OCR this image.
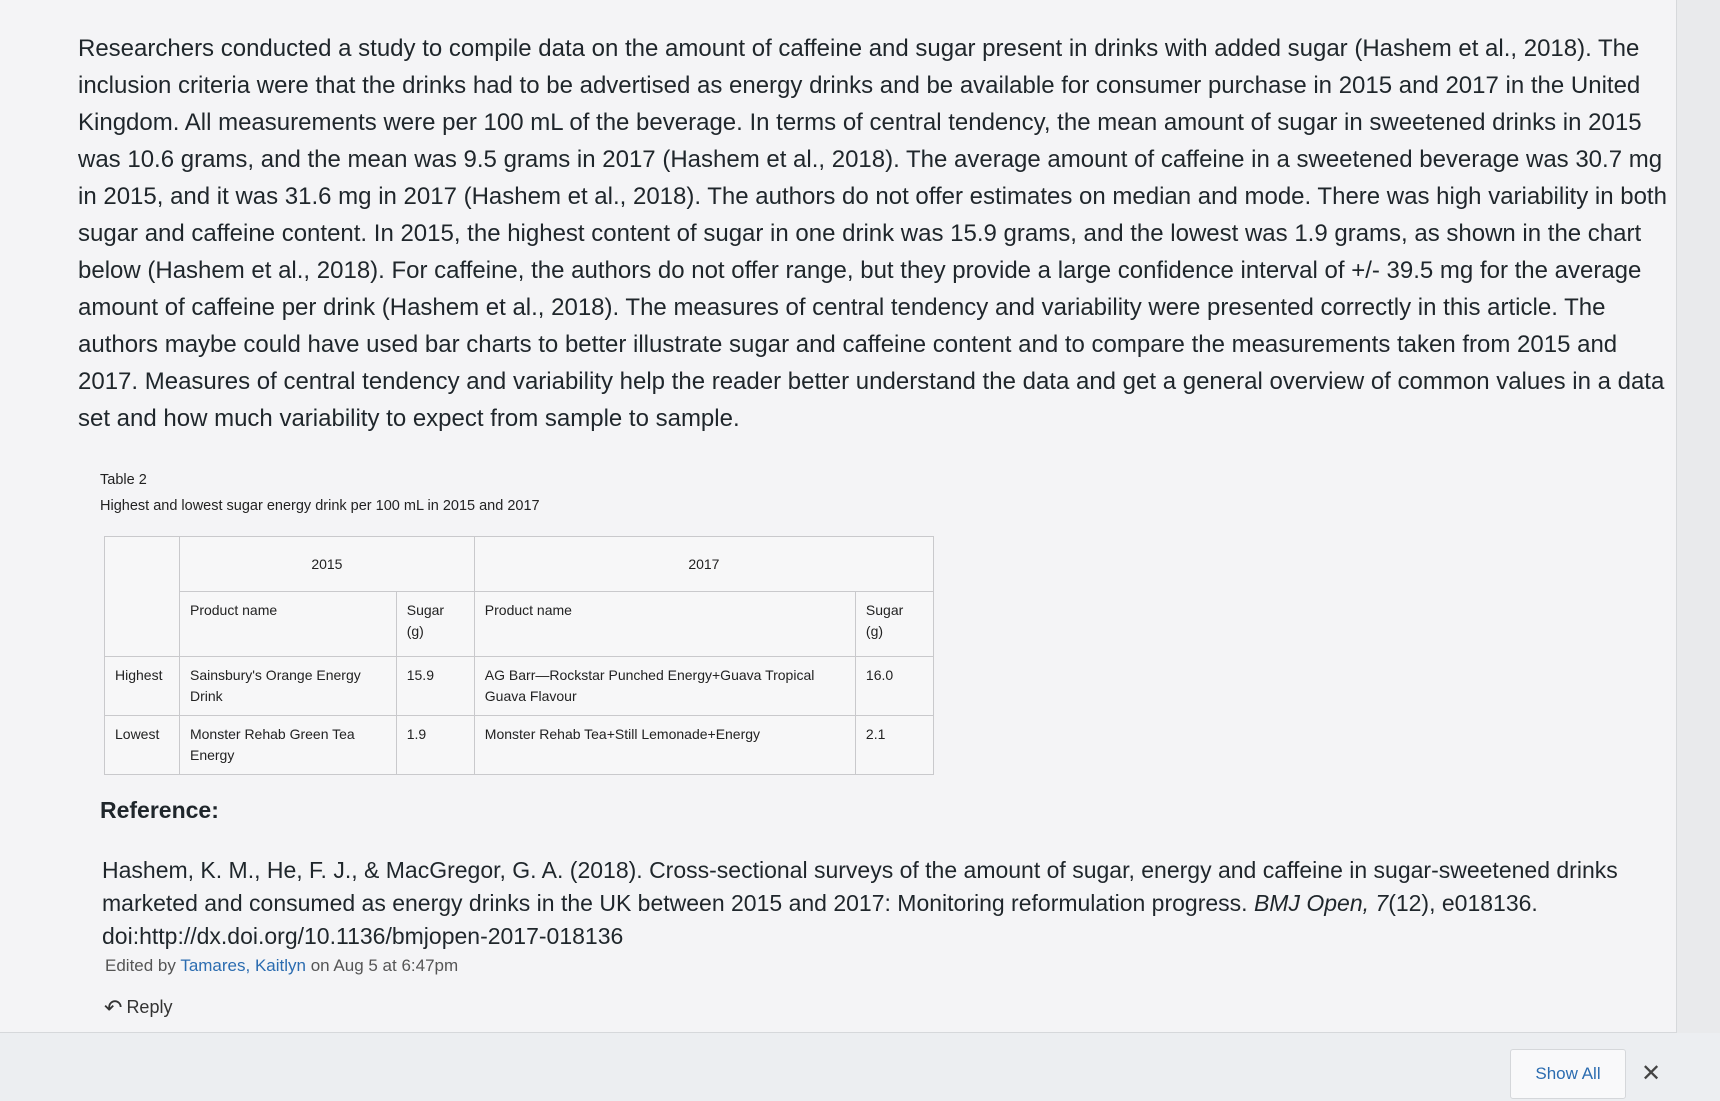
Researchers conducted a study to compile data on the amount of caffeine and sugar present in drinks with added sugar (Hashem et al., 2018). The inclusion criteria were that the drinks had to be advertised as energy drinks and be available for consumer purchase in 2015 and 2017 in the United Kingdom. All measurements were per 100 mL of the beverage. In terms of central tendency, the mean amount of sugar in sweetened drinks in 2015 was 10.6 grams, and the mean was 9.5 grams in 2017 (Hashem et al., 2018). The average amount of caffeine in a sweetened beverage was 30.7 mg in 2015, and it was 31.6 mg in 2017 (Hashem et al., 2018). The authors do not offer estimates on median and mode. There was high variability in both sugar and caffeine content. In 2015, the highest content of sugar in one drink was 15.9 grams, and the lowest was 1.9 grams, as shown in the chart below (Hashem et al., 2018). For caffeine, the authors do not offer range, but they provide a large confidence interval of +/- 39.5 mg for the average amount of caffeine per drink (Hashem et al., 2018). The measures of central tendency and variability were presented correctly in this article. The authors maybe could have used bar charts to better illustrate sugar and caffeine content and to compare the measurements taken from 2015 and 2017. Measures of central tendency and variability help the reader better understand the data and get a general overview of common values in a data set and how much variability to expect from sample to sample.
Table 2
Highest and lowest sugar energy drink per 100 mL in 2015 and 2017
	2015		2017	
	Product name	Sugar (g)	Product name	Sugar (g)
Highest	Sainsbury's Orange Energy Drink	15.9	AG Barr—Rockstar Punched Energy+Guava Tropical Guava Flavour	16.0
Lowest	Monster Rehab Green Tea Energy	1.9	Monster Rehab Tea+Still Lemonade+Energy	2.1
Reference:
Hashem, K. M., He, F. J., & MacGregor, G. A. (2018). Cross-sectional surveys of the amount of sugar, energy and caffeine in sugar-sweetened drinks marketed and consumed as energy drinks in the UK between 2015 and 2017: Monitoring reformulation progress. BMJ Open, 7(12), e018136.
doi:http://dx.doi.org/10.1136/bmjopen-2017-018136
Edited by Tamares, Kaitlyn on Aug 5 at 6:47pm
↶ Reply
Show All	✕
